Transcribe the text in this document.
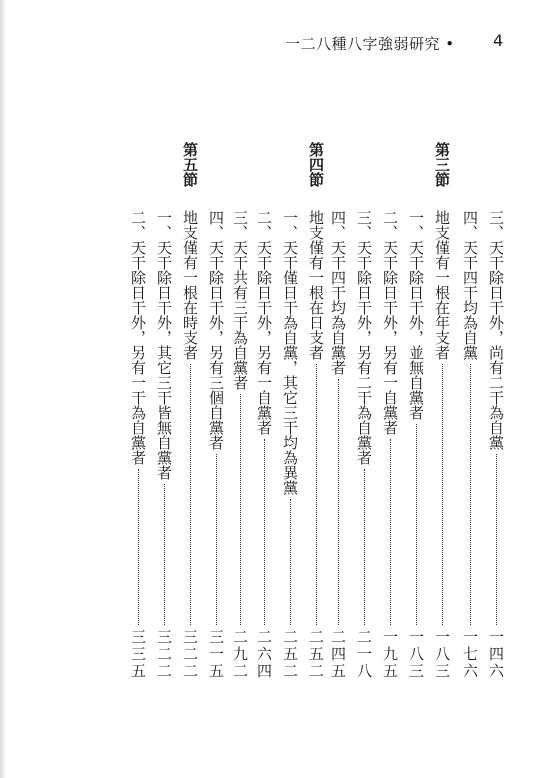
一二八種八字強弱研究 • 4
三、天干除日干外，尚有二干為自黨
一四六
四、天干四干均為自黨
一七六
第三節
地支僅有一根在年支者
一八三
一、天干除日干外，並無自黨者
一八三
二、天干除日干外，另有一自黨者
一九五
三、天干除日干外，另有二干為自黨者
二一八
四、天干四干均為自黨者
二四五
第四節
地支僅有一根在日支者
二五二
一、天干僅日干為自黨，其它三干均為異黨
二五二
二、天干除日干外，另有一自黨者
二六四
三、天干共有三干為自黨者
二九二
四、天干除日干外，另有三個自黨者
三一五
第五節
地支僅有一根在時支者
三二二
一、天干除日干外，其它三干皆無自黨者
三二二
二、天干除日干外，另有一干為自黨者
三三五
